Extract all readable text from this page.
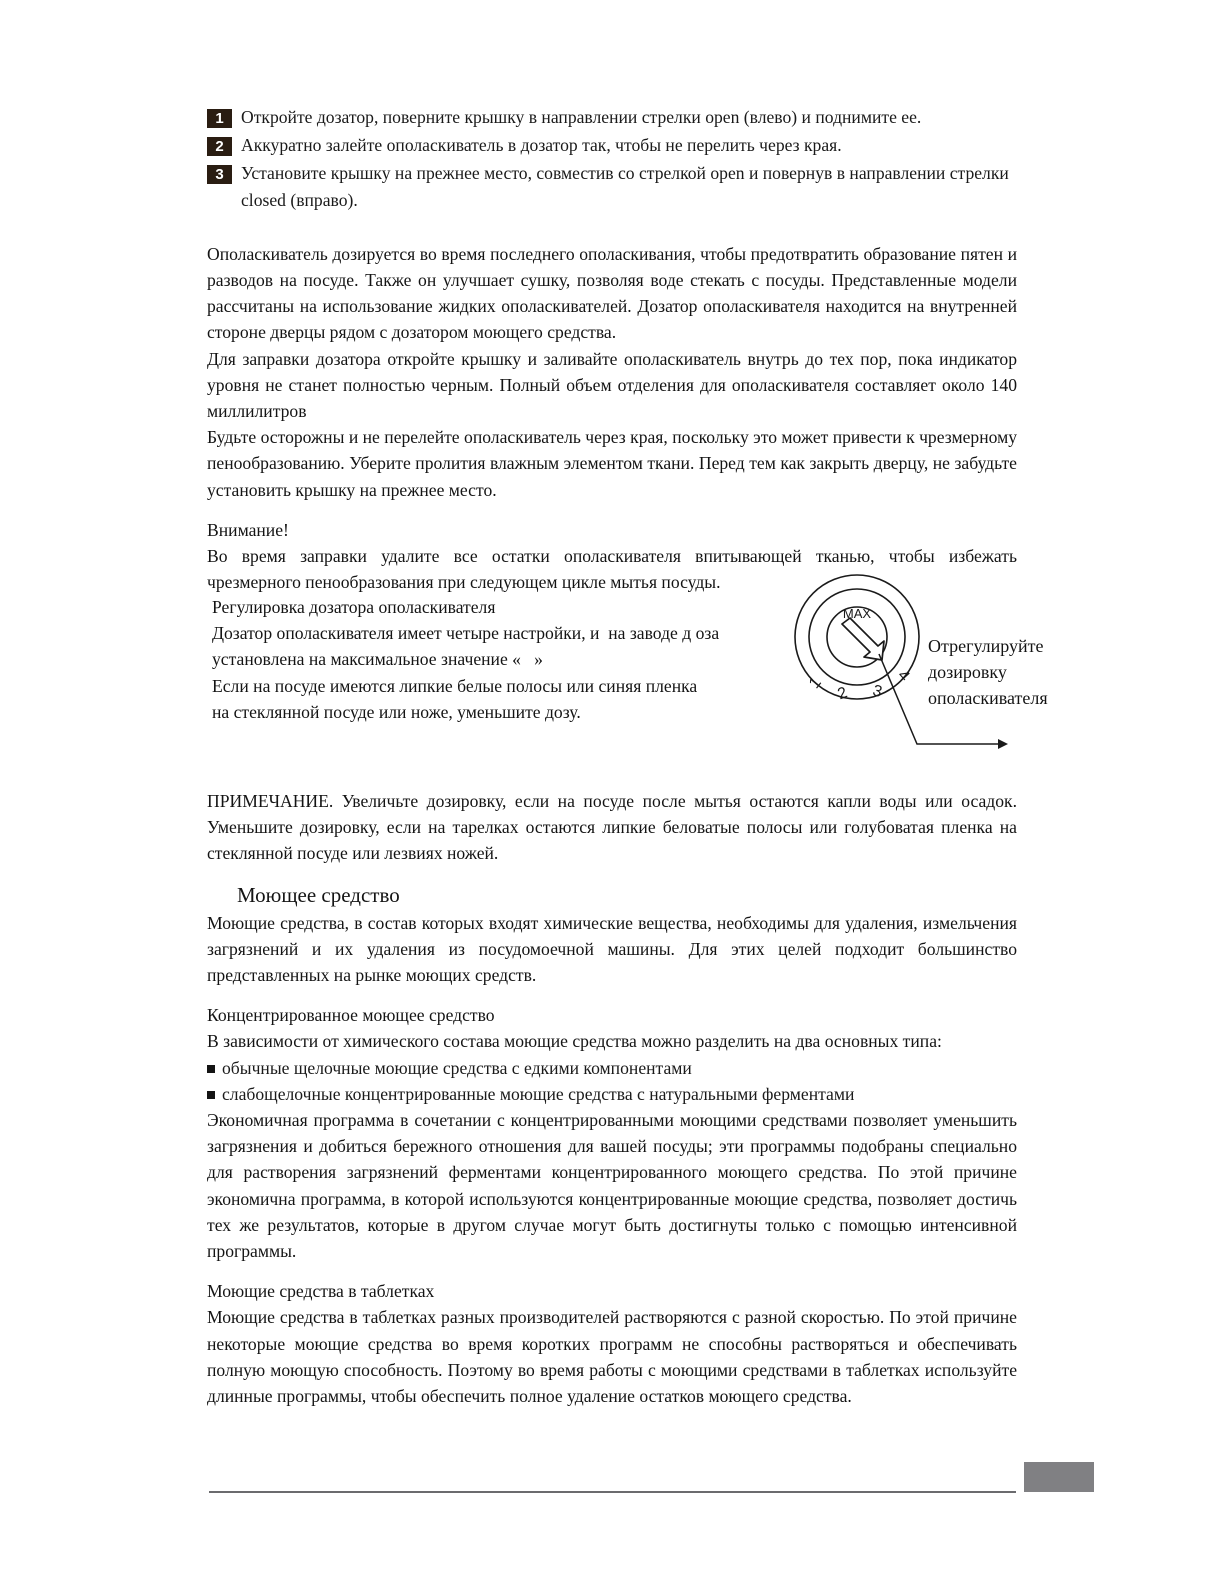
1 Откройте дозатор, поверните крышку в направлении стрелки open (влево) и поднимите ее.
2 Аккуратно залейте ополаскиватель в дозатор так, чтобы не перелить через края.
3 Установите крышку на прежнее место, совместив со стрелкой open и повернув в направлении стрелки closed (вправо).

Ополаскиватель дозируется во время последнего ополаскивания, чтобы предотвратить образование пятен и разводов на посуде. Также он улучшает сушку, позволяя воде стекать с посуды. Представленные модели рассчитаны на использование жидких ополаскивателей. Дозатор ополаскивателя находится на внутренней стороне дверцы рядом с дозатором моющего средства.

Для заправки дозатора откройте крышку и заливайте ополаскиватель внутрь до тех пор, пока индикатор уровня не станет полностью черным. Полный объем отделения для ополаскивателя составляет около 140 миллилитров

Будьте осторожны и не перелейте ополаскиватель через края, поскольку это может привести к чрезмерному пенообразованию. Уберите пролития влажным элементом ткани. Перед тем как закрыть дверцу, не забудьте установить крышку на прежнее место.

Внимание!

Во время заправки удалите все остатки ополаскивателя впитывающей тканью, чтобы избежать чрезмерного пенообразования при следующем цикле мытья посуды.

Регулировка дозатора ополаскивателя

Дозатор ополаскивателя имеет четыре настройки, и  на заводе д оза

установлена на максимальное значение «   »

Если на посуде имеются липкие белые полосы или синяя пленка

на стеклянной посуде или ноже, уменьшите дозу.

MAX
1
2 3
4
Отрегулируйте
дозировку
ополаскивателя

ПРИМЕЧАНИЕ. Увеличьте дозировку, если на посуде после мытья остаются капли воды или осадок. Уменьшите дозировку, если на тарелках остаются липкие беловатые полосы или голубоватая пленка на стеклянной посуде или лезвиях ножей.

Моющее средство

Моющие средства, в состав которых входят химические вещества, необходимы для удаления, измельчения загрязнений и их удаления из посудомоечной машины. Для этих целей подходит большинство представленных на рынке моющих средств.

Концентрированное моющее средство

В зависимости от химического состава моющие средства можно разделить на два основных типа:

обычные щелочные моющие средства с едкими компонентами
слабощелочные концентрированные моющие средства с натуральными ферментами

Экономичная программа в сочетании с концентрированными моющими средствами позволяет уменьшить загрязнения и добиться бережного отношения для вашей посуды; эти программы подобраны специально для растворения загрязнений ферментами концентрированного моющего средства. По этой причине экономична программа, в которой используются концентрированные моющие средства, позволяет достичь тех же результатов, которые в другом случае могут быть достигнуты только с помощью интенсивной программы.

Моющие средства в таблетках

Моющие средства в таблетках разных производителей растворяются с разной скоростью. По этой причине некоторые моющие средства во время коротких программ не способны растворяться и обеспечивать полную моющую способность. Поэтому во время работы с моющими средствами в таблетках используйте длинные программы, чтобы обеспечить полное удаление остатков моющего средства.
